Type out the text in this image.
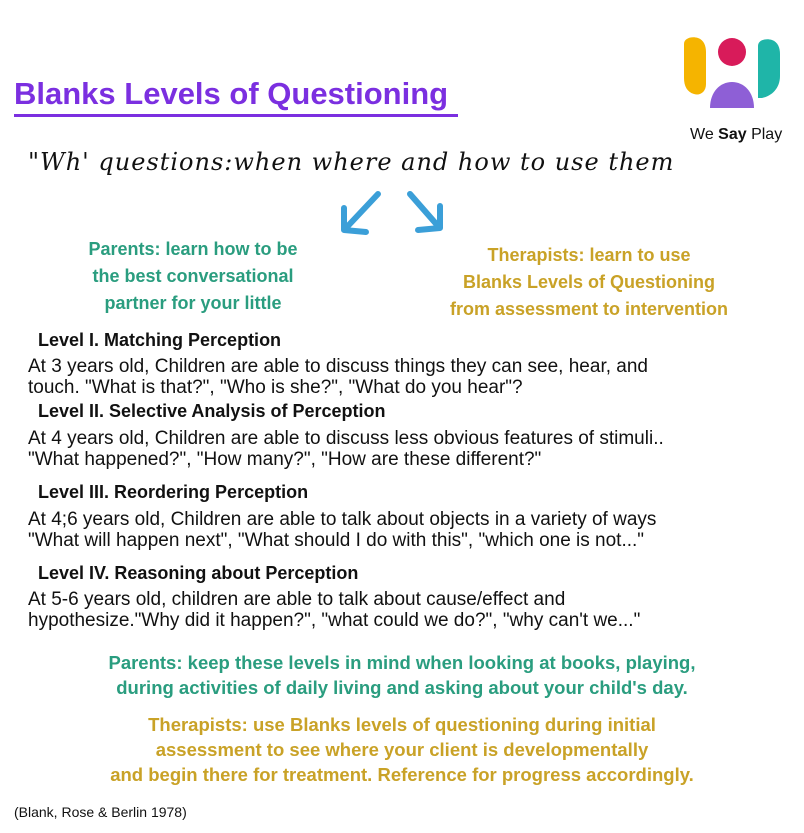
Blanks Levels of Questioning
We Say Play
"Wh' questions:when where and how to use them
Parents: learn how to be
the best conversational
partner for your little
Therapists: learn to use
Blanks Levels of Questioning
from assessment to intervention
Level I. Matching Perception
At 3 years old, Children are able to discuss things they can see, hear, and
touch. "What is that?", "Who is she?", "What do you hear"?
Level II. Selective Analysis of Perception
At 4 years old, Children are able to discuss less obvious features of stimuli..
"What happened?", "How many?", "How are these different?"
Level III. Reordering Perception
At 4;6 years old, Children are able to talk about objects in a variety of ways
"What will happen next", "What should I do with this", "which one is not..."
Level IV. Reasoning about Perception
At 5-6 years old, children are able to talk about cause/effect and
hypothesize."Why did it happen?", "what could we do?", "why can't we..."
Parents: keep these levels in mind when looking at books, playing,
during activities of daily living and asking about your child's day.
Therapists: use Blanks levels of questioning during initial
assessment to see where your client is developmentally
and begin there for treatment. Reference for progress accordingly.
(Blank, Rose & Berlin 1978)
